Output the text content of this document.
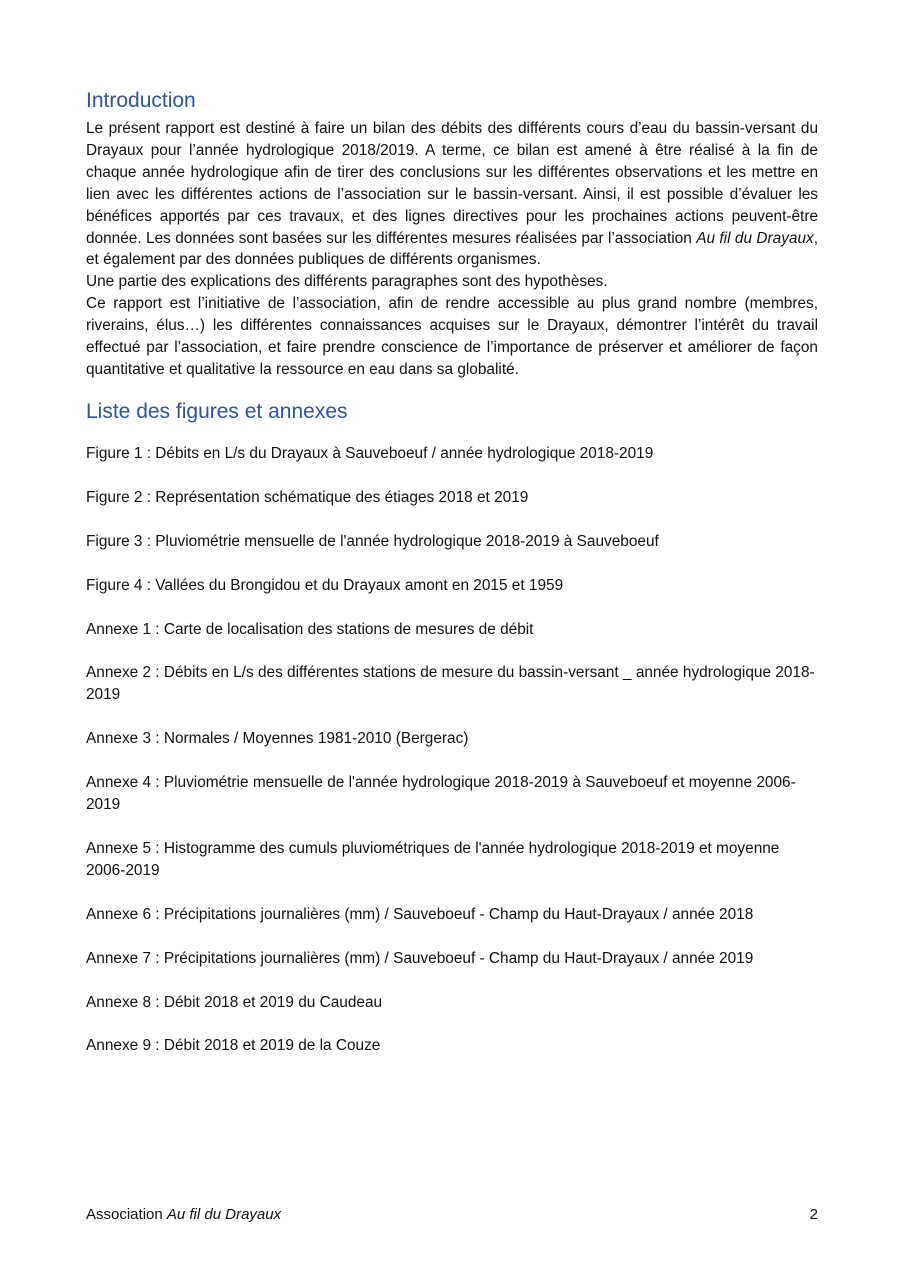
Introduction

Le présent rapport est destiné à faire un bilan des débits des différents cours d’eau du bassin-versant du Drayaux pour l’année hydrologique 2018/2019. A terme, ce bilan est amené à être réalisé à la fin de chaque année hydrologique afin de tirer des conclusions sur les différentes observations et les mettre en lien avec les différentes actions de l’association sur le bassin-versant. Ainsi, il est possible d’évaluer les bénéfices apportés par ces travaux, et des lignes directives pour les prochaines actions peuvent-être donnée. Les données sont basées sur les différentes mesures réalisées par l’association Au fil du Drayaux, et également par des données publiques de différents organismes.

Une partie des explications des différents paragraphes sont des hypothèses.

Ce rapport est l’initiative de l’association, afin de rendre accessible au plus grand nombre (membres, riverains, élus…) les différentes connaissances acquises sur le Drayaux, démontrer l’intérêt du travail effectué par l’association, et faire prendre conscience de l’importance de préserver et améliorer de façon quantitative et qualitative la ressource en eau dans sa globalité.

Liste des figures et annexes
Figure 1 : Débits en L/s du Drayaux à Sauveboeuf / année hydrologique 2018-2019
Figure 2 : Représentation schématique des étiages 2018 et 2019
Figure 3 : Pluviométrie mensuelle de l'année hydrologique 2018-2019 à Sauveboeuf
Figure 4 : Vallées du Brongidou et du Drayaux amont en 2015 et 1959
Annexe 1 : Carte de localisation des stations de mesures de débit
Annexe 2 : Débits en L/s des différentes stations de mesure du bassin-versant _ année hydrologique 2018-2019
Annexe 3 : Normales / Moyennes 1981-2010 (Bergerac)
Annexe 4 : Pluviométrie mensuelle de l'année hydrologique 2018-2019 à Sauveboeuf et moyenne 2006-2019
Annexe 5 : Histogramme des cumuls pluviométriques de l'année hydrologique 2018-2019 et moyenne 2006-2019
Annexe 6 : Précipitations journalières (mm) / Sauveboeuf - Champ du Haut-Drayaux / année 2018
Annexe 7 : Précipitations journalières (mm) / Sauveboeuf - Champ du Haut-Drayaux / année 2019
Annexe 8 : Débit 2018 et 2019 du Caudeau
Annexe 9 : Débit 2018 et 2019 de la Couze
Association Au fil du Drayaux	2
